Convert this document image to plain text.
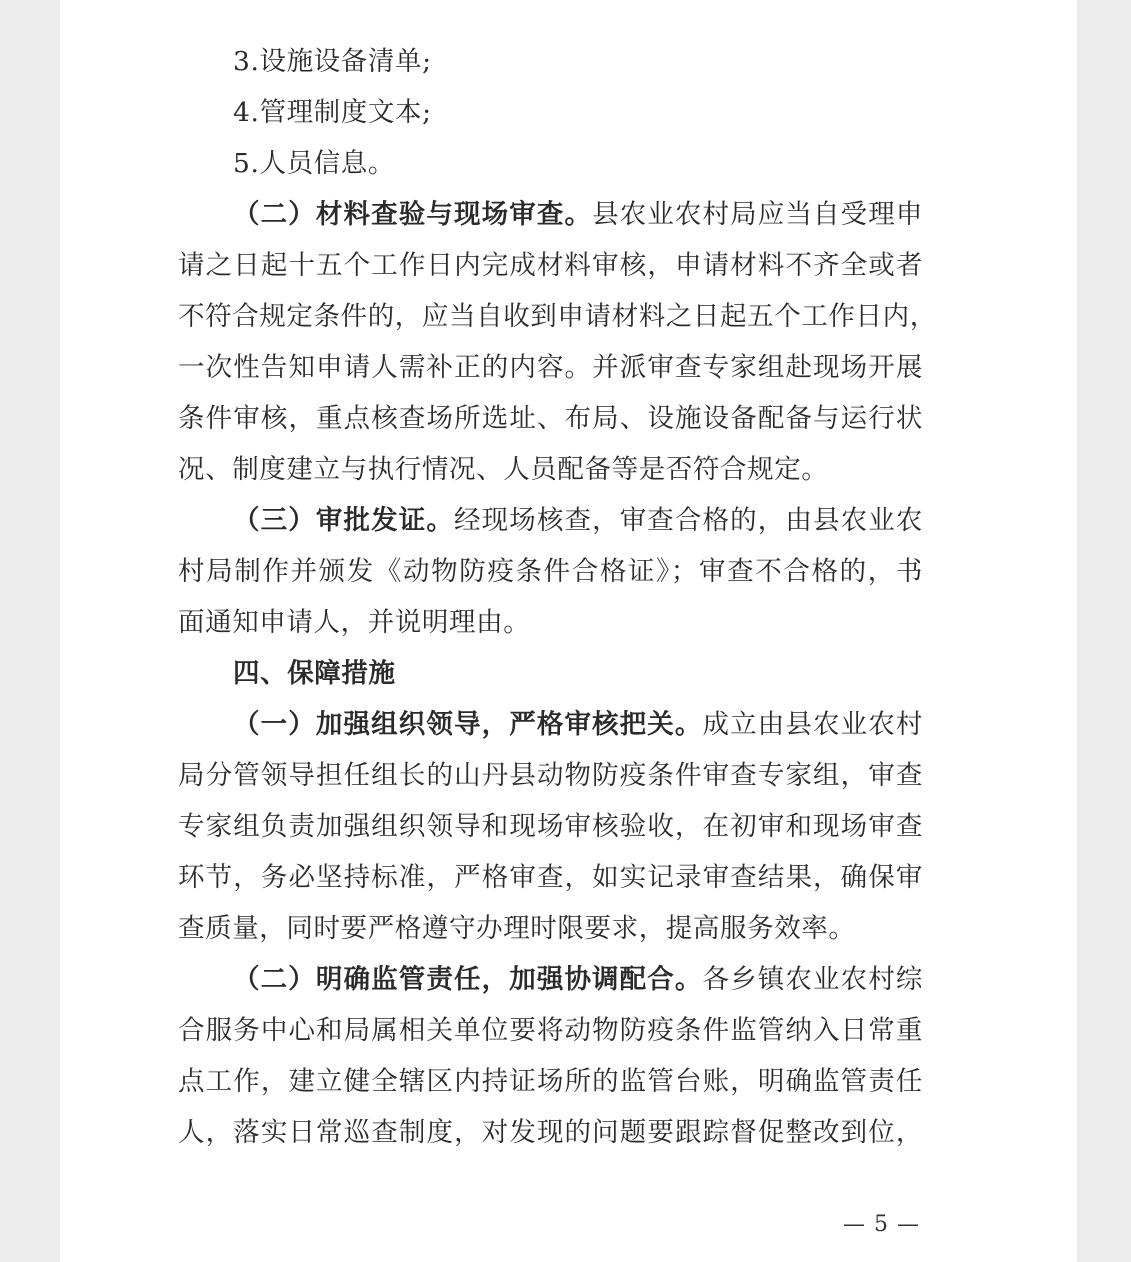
3.设施设备清单;
4.管理制度文本;
5.人员信息。
（二）材料查验与现场审查。县农业农村局应当自受理申
请之日起十五个工作日内完成材料审核，申请材料不齐全或者
不符合规定条件的，应当自收到申请材料之日起五个工作日内，
一次性告知申请人需补正的内容。并派审查专家组赴现场开展
条件审核，重点核查场所选址、布局、设施设备配备与运行状
况、制度建立与执行情况、人员配备等是否符合规定。
（三）审批发证。经现场核查，审查合格的，由县农业农
村局制作并颁发《动物防疫条件合格证》；审查不合格的，书
面通知申请人，并说明理由。
四、保障措施
（一）加强组织领导，严格审核把关。成立由县农业农村
局分管领导担任组长的山丹县动物防疫条件审查专家组，审查
专家组负责加强组织领导和现场审核验收，在初审和现场审查
环节，务必坚持标准，严格审查，如实记录审查结果，确保审
查质量，同时要严格遵守办理时限要求，提高服务效率。
（二）明确监管责任，加强协调配合。各乡镇农业农村综
合服务中心和局属相关单位要将动物防疫条件监管纳入日常重
点工作，建立健全辖区内持证场所的监管台账，明确监管责任
人，落实日常巡查制度，对发现的问题要跟踪督促整改到位，
— 5 —
